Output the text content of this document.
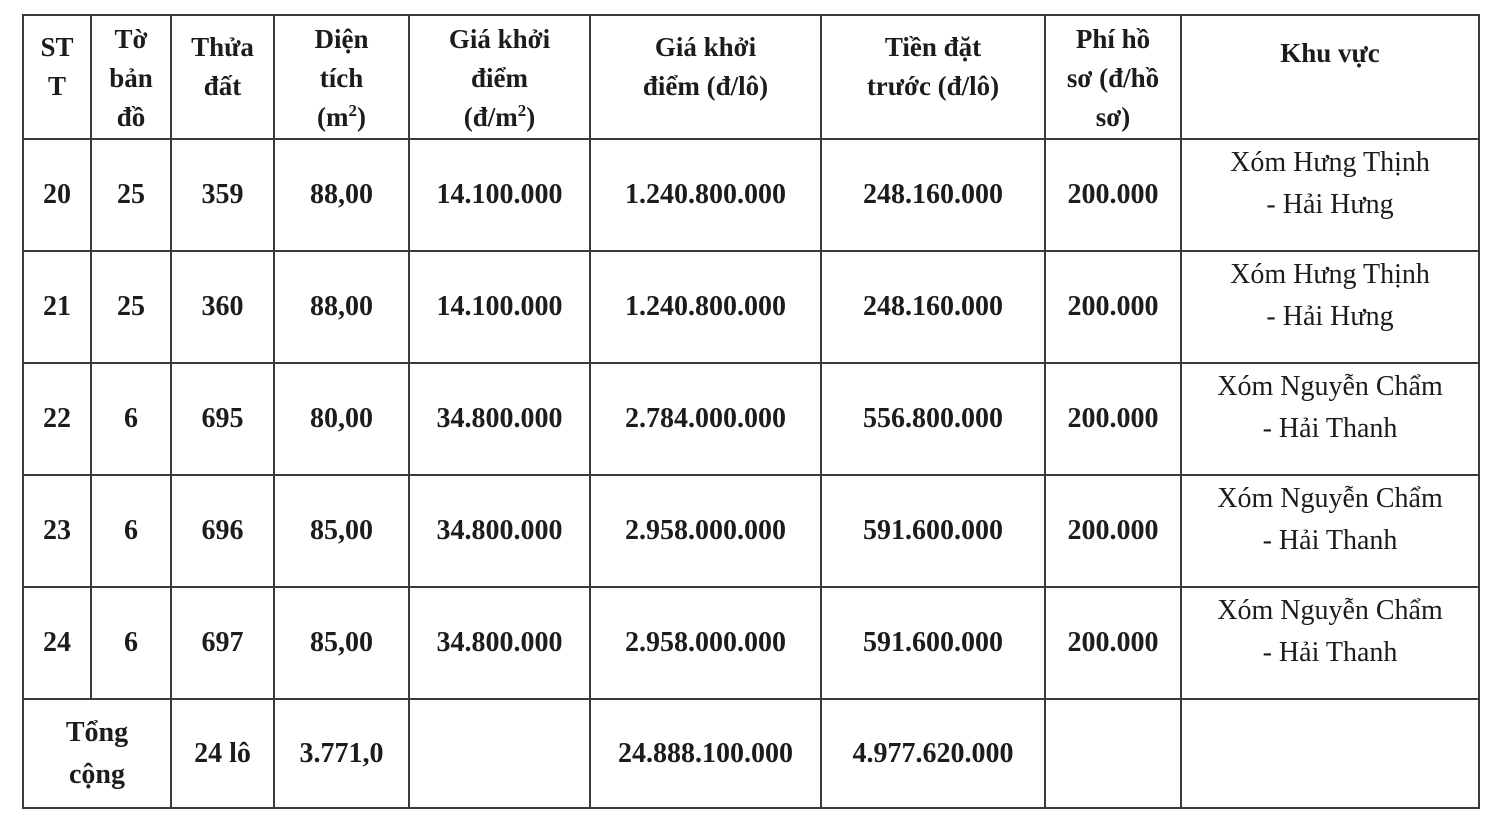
ST
T	Tờ
bản
đồ	Thửa
đất	Diện
tích
$(m^2)$	Giá khởi
điểm
$(đ/m^2)$	Giá khởi
điểm (đ/lô)	Tiền đặt
trước (đ/lô)	Phí hồ
sơ (đ/hồ
sơ)	Khu vực
20	25	359	88,00	14.100.000	1.240.800.000	248.160.000	200.000	Xóm Hưng Thịnh
- Hải Hưng

21	25	360	88,00	14.100.000	1.240.800.000	248.160.000	200.000	Xóm Hưng Thịnh
- Hải Hưng

22	6	695	80,00	34.800.000	2.784.000.000	556.800.000	200.000	Xóm Nguyễn Chẩm
- Hải Thanh

23	6	696	85,00	34.800.000	2.958.000.000	591.600.000	200.000	Xóm Nguyễn Chẩm
- Hải Thanh

24	6	697	85,00	34.800.000	2.958.000.000	591.600.000	200.000	Xóm Nguyễn Chẩm
- Hải Thanh

Tổng
cộng		24 lô	3.771,0		24.888.100.000	4.977.620.000		
